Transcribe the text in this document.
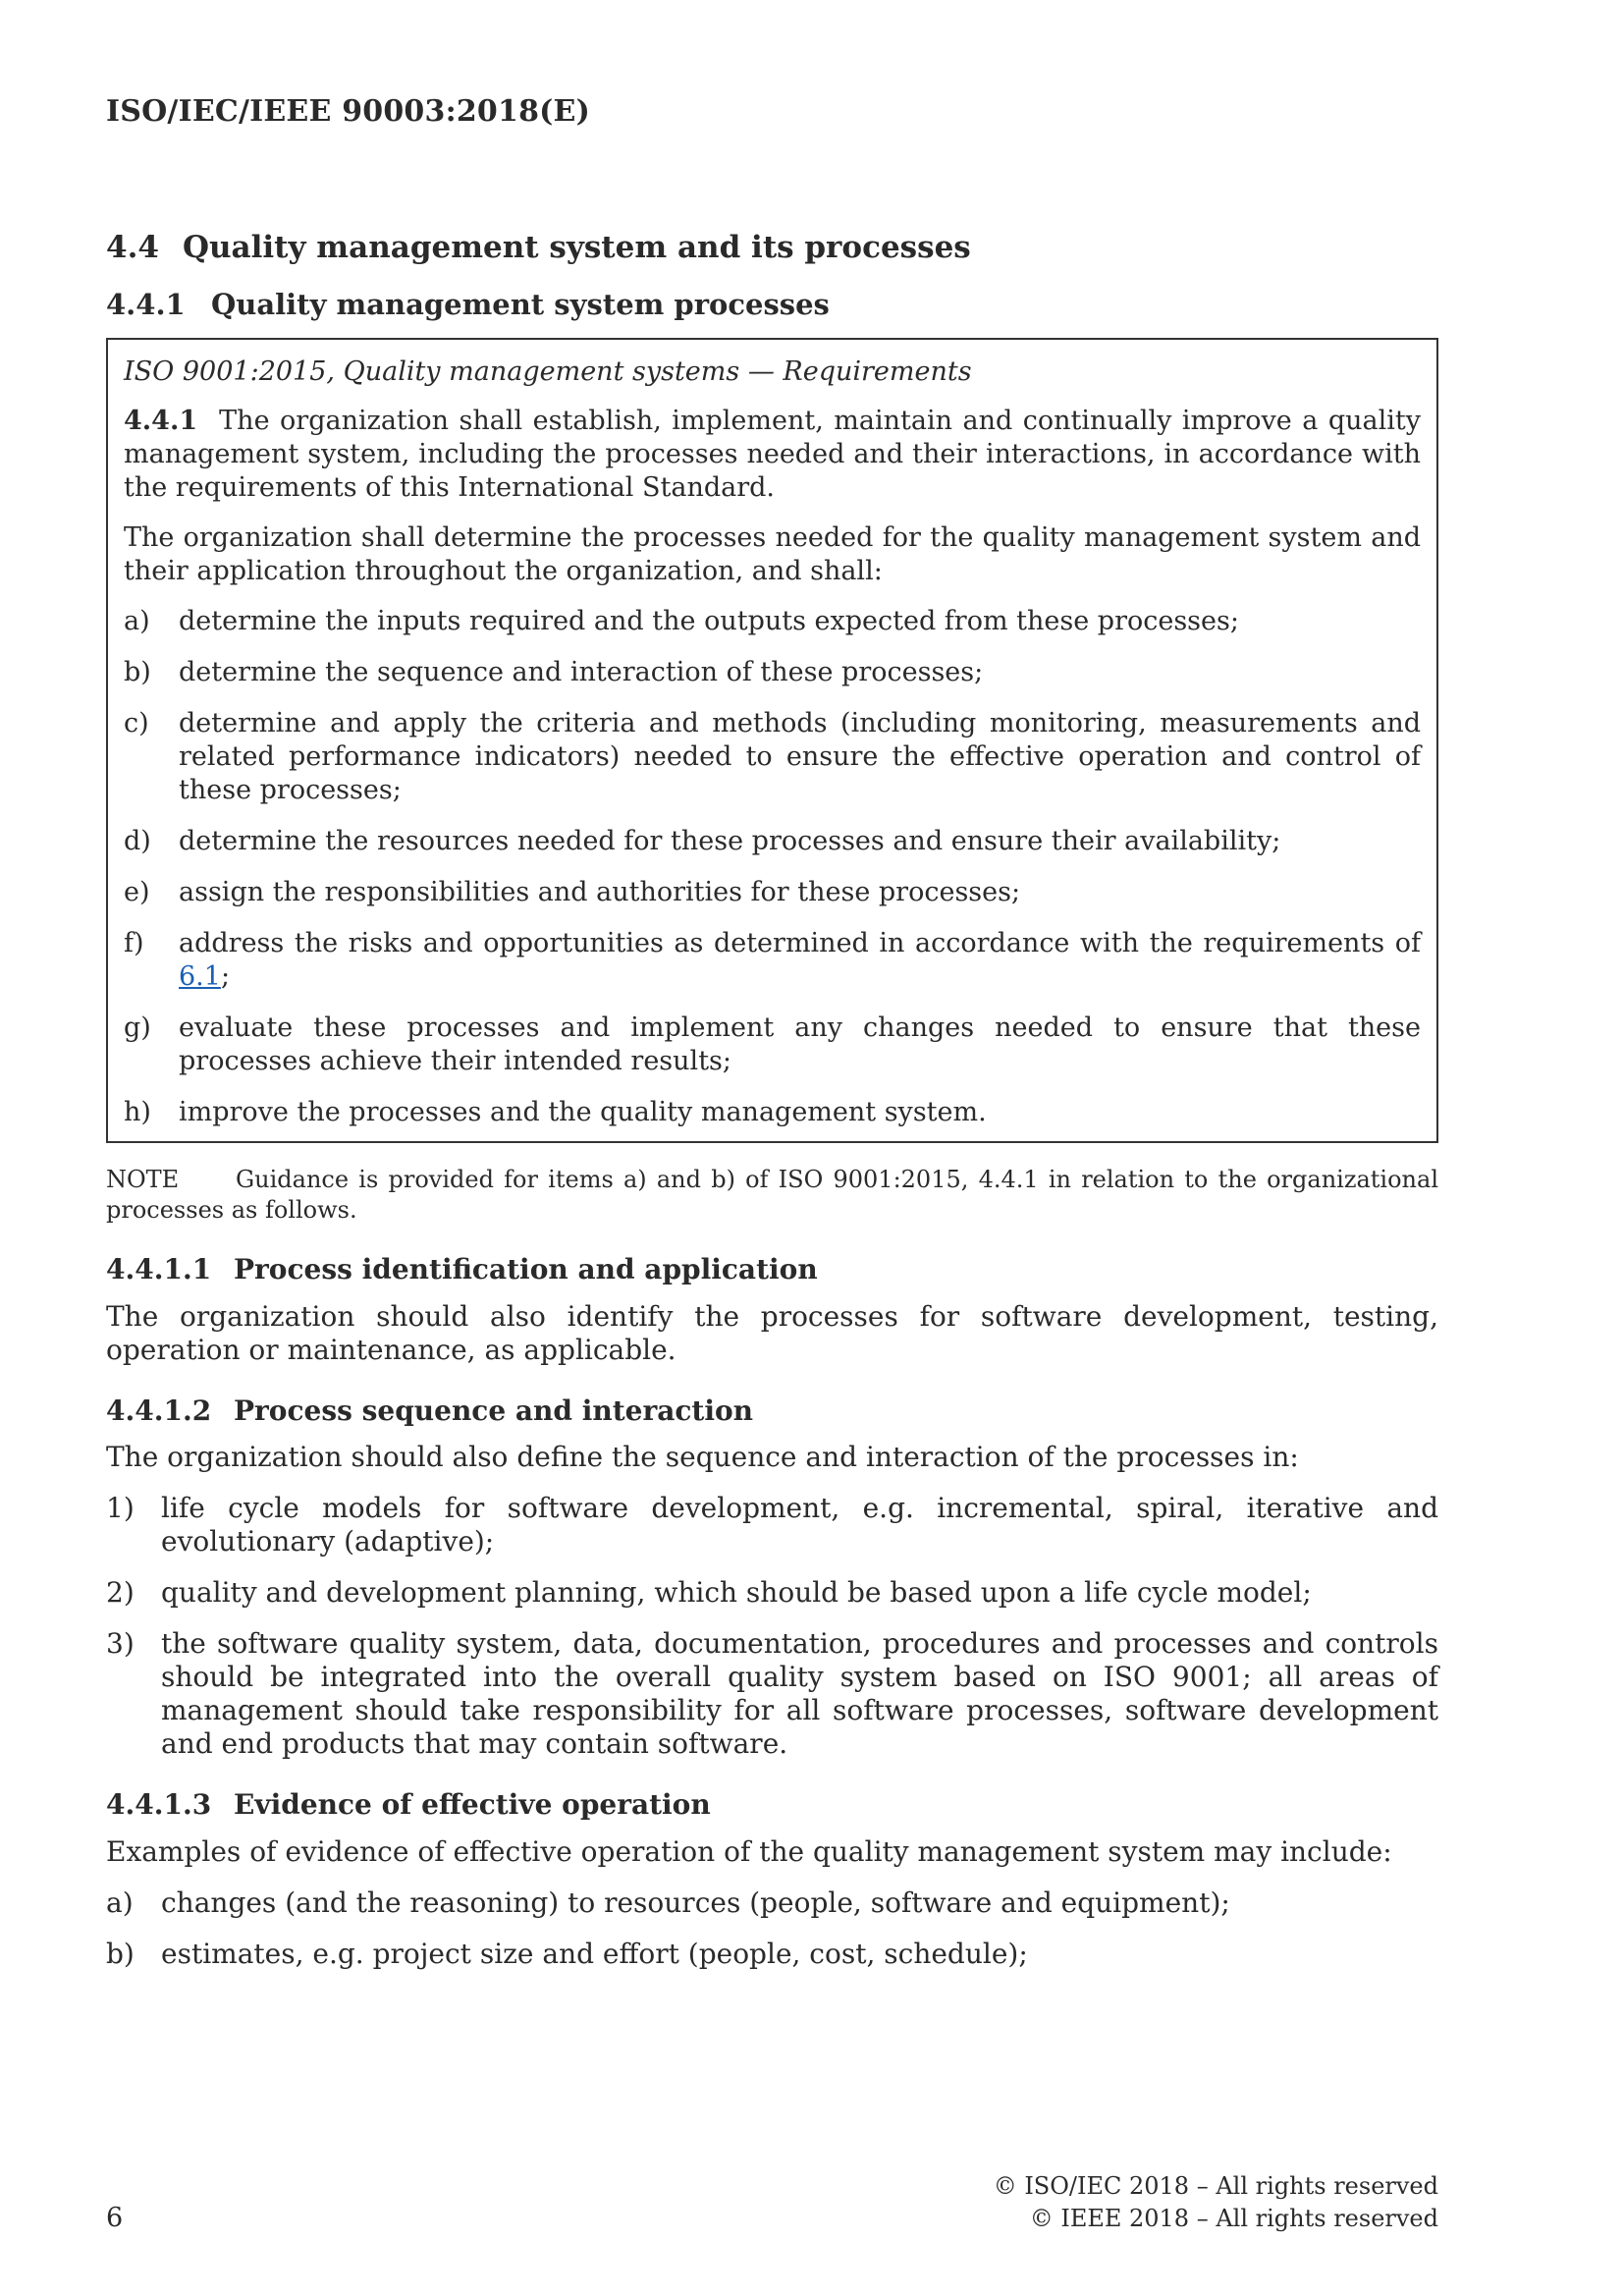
ISO/IEC/IEEE 90003:2018(E)
4.4 Quality management system and its processes
4.4.1 Quality management system processes
ISO 9001:2015, Quality management systems — Requirements

4.4.1 The organization shall establish, implement, maintain and continually improve a quality management system, including the processes needed and their interactions, in accordance with the requirements of this International Standard.

The organization shall determine the processes needed for the quality management system and their application throughout the organization, and shall:

a)	determine the inputs required and the outputs expected from these processes;
b)	determine the sequence and interaction of these processes;
c)	determine and apply the criteria and methods (including monitoring, measurements and related performance indicators) needed to ensure the effective operation and control of these processes;
d)	determine the resources needed for these processes and ensure their availability;
e)	assign the responsibilities and authorities for these processes;
f)	address the risks and opportunities as determined in accordance with the requirements of 6.1;
g)	evaluate these processes and implement any changes needed to ensure that these processes achieve their intended results;
h)	improve the processes and the quality management system.
NOTE Guidance is provided for items a) and b) of ISO 9001:2015, 4.4.1 in relation to the organizational processes as follows.
4.4.1.1 Process identification and application

The organization should also identify the processes for software development, testing, operation or maintenance, as applicable.

4.4.1.2 Process sequence and interaction

The organization should also define the sequence and interaction of the processes in:

1) life cycle models for software development, e.g. incremental, spiral, iterative and evolutionary (adaptive);
2) quality and development planning, which should be based upon a life cycle model;
3) the software quality system, data, documentation, procedures and processes and controls should be integrated into the overall quality system based on ISO 9001; all areas of management should take responsibility for all software processes, software development and end products that may contain software.
4.4.1.3 Evidence of effective operation

Examples of evidence of effective operation of the quality management system may include:

a)	changes (and the reasoning) to resources (people, software and equipment);
b) estimates, e.g. project size and effort (people, cost, schedule);
© ISO/IEC 2018 – All rights reserved
© IEEE 2018 – All rights reserved
6
